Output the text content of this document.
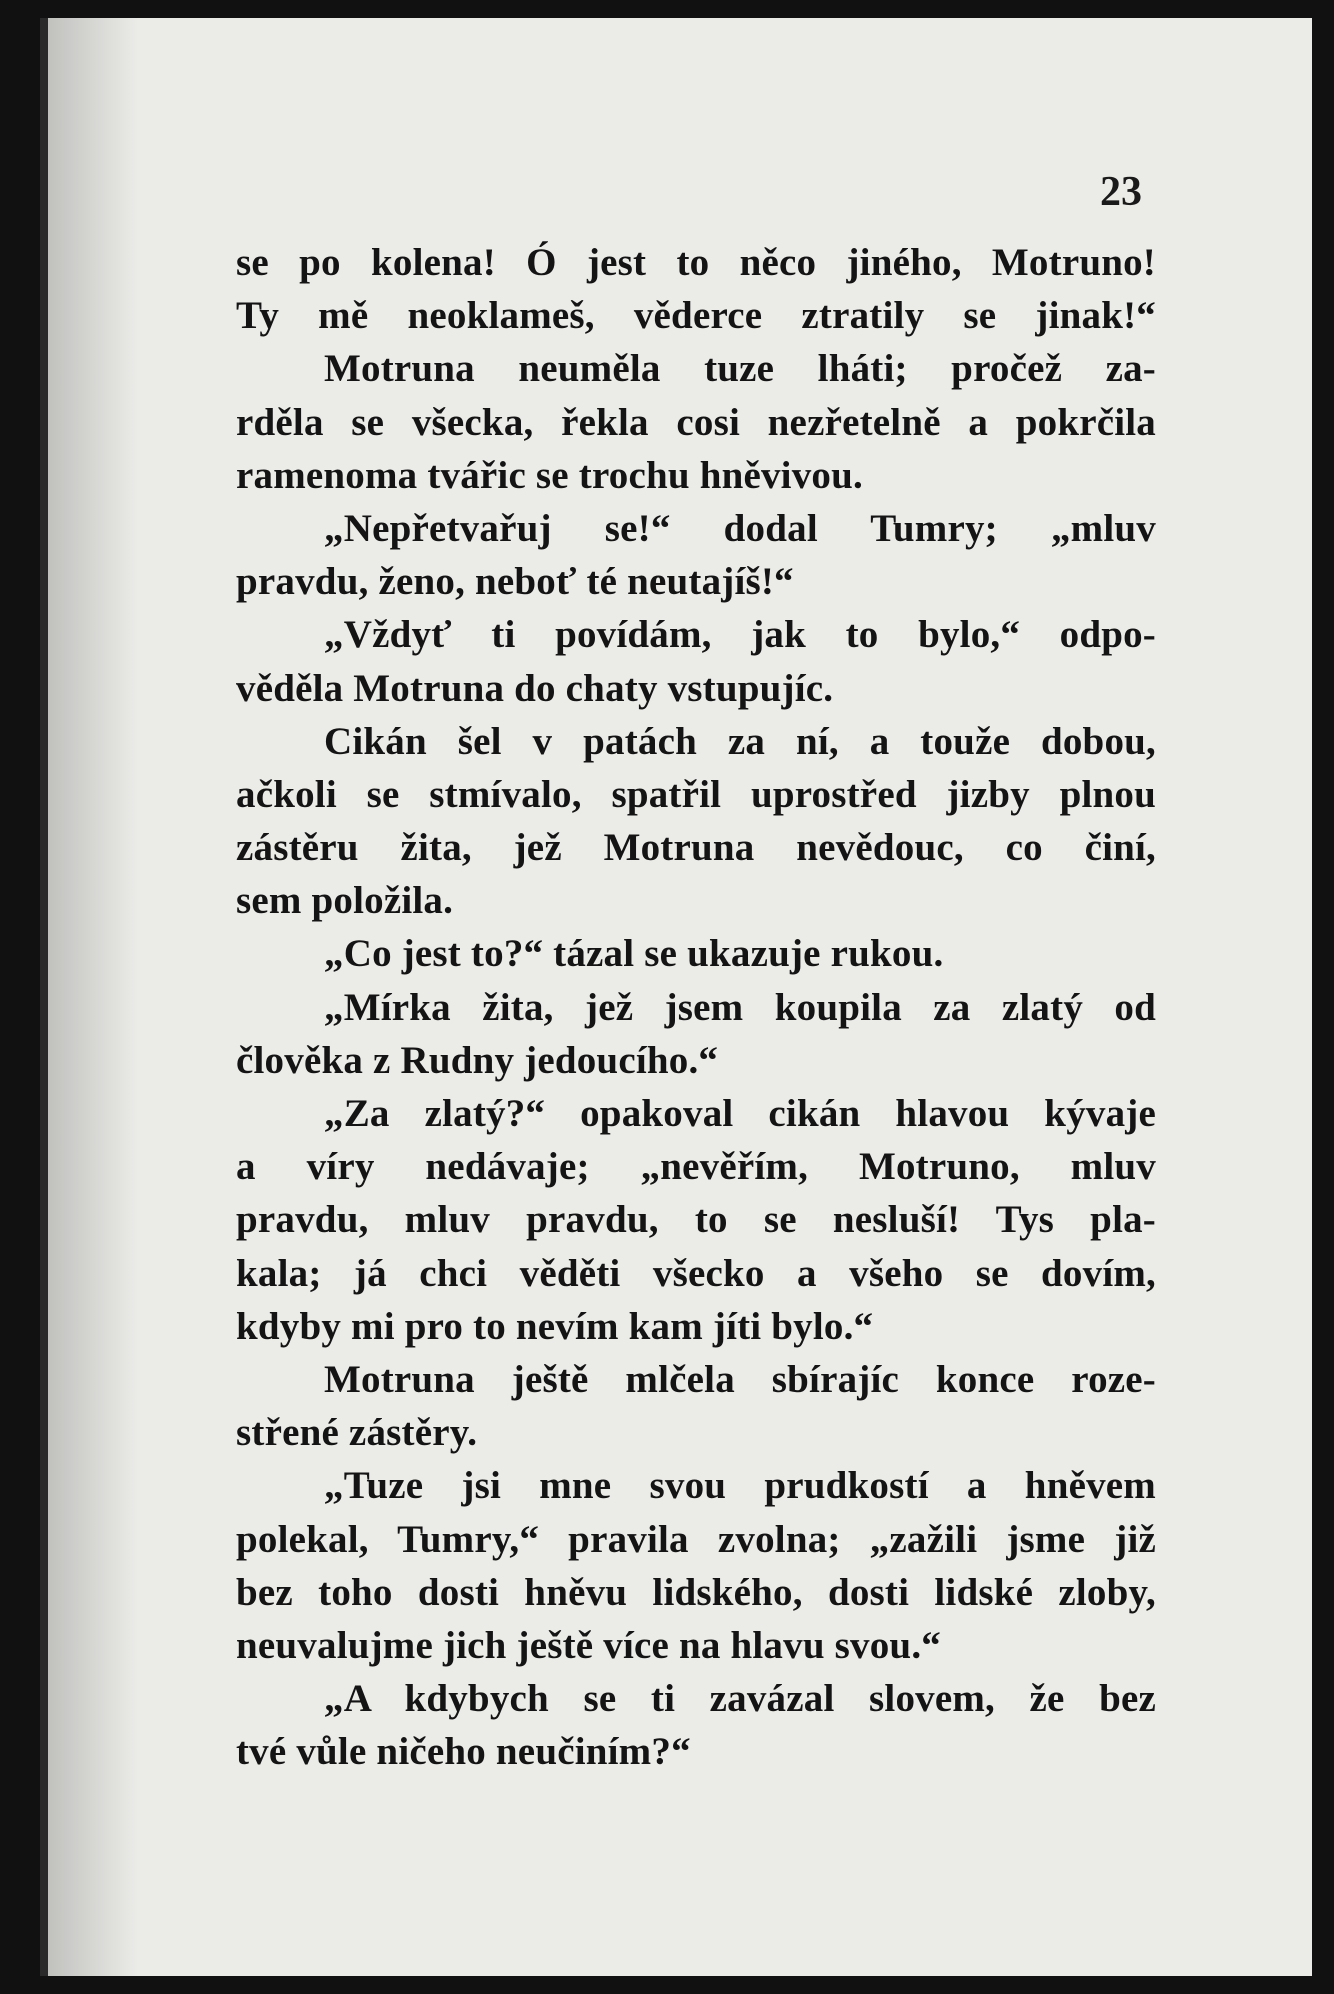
23
se po kolena! Ó jest to něco jiného, Motruno!
Ty mě neoklameš, věderce ztratily se jinak!“
Motruna neuměla tuze lháti; pročež za-
rděla se všecka, řekla cosi nezřetelně a pokrčila
ramenoma tvářic se trochu hněvivou.
„Nepřetvařuj se!“ dodal Tumry; „mluv
pravdu, ženo, neboť té neutajíš!“
„Vždyť ti povídám, jak to bylo,“ odpo-
věděla Motruna do chaty vstupujíc.
Cikán šel v patách za ní, a touže dobou,
ačkoli se stmívalo, spatřil uprostřed jizby plnou
zástěru žita, jež Motruna nevědouc, co činí,
sem položila.
„Co jest to?“ tázal se ukazuje rukou.
„Mírka žita, jež jsem koupila za zlatý od
člověka z Rudny jedoucího.“
„Za zlatý?“ opakoval cikán hlavou kývaje
a víry nedávaje; „nevěřím, Motruno, mluv
pravdu, mluv pravdu, to se nesluší! Tys pla-
kala; já chci věděti všecko a všeho se dovím,
kdyby mi pro to nevím kam jíti bylo.“
Motruna ještě mlčela sbírajíc konce roze-
střené zástěry.
„Tuze jsi mne svou prudkostí a hněvem
polekal, Tumry,“ pravila zvolna; „zažili jsme již
bez toho dosti hněvu lidského, dosti lidské zloby,
neuvalujme jich ještě více na hlavu svou.“
„A kdybych se ti zavázal slovem, že bez
tvé vůle ničeho neučiním?“
